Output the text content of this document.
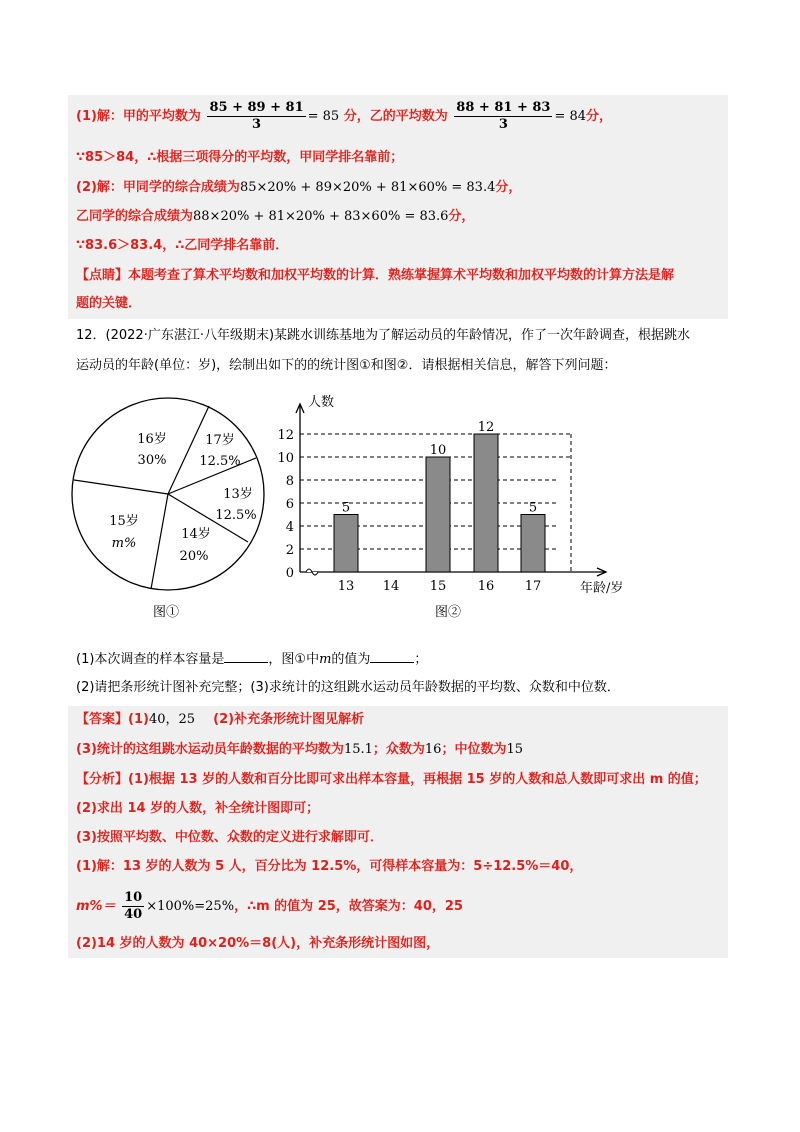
(1)解：甲的平均数为 $\frac{85 + 89 + 81}{3} = 85$ 分，乙的平均数为 $\frac{88 + 81 + 83}{3} = 84$分，
∵85＞84，∴根据三项得分的平均数，甲同学排名靠前；
(2)解：甲同学的综合成绩为85×20% + 89×20% + 81×60% = 83.4分，
乙同学的综合成绩为88×20% + 81×20% + 83×60% = 83.6分，
∵83.6＞83.4，∴乙同学排名靠前．
【点睛】本题考查了算术平均数和加权平均数的计算．熟练掌握算术平均数和加权平均数的计算方法是解
题的关键．
12．(2022·广东湛江·八年级期末)某跳水训练基地为了解运动员的年龄情况，作了一次年龄调查，根据跳水
运动员的年龄(单位：岁)，绘制出如下的的统计图①和图②．请根据相关信息，解答下列问题：
16岁
30%
17岁
12.5%
13岁
12.5%
14岁
20%
15岁
m%
图①
0
2
4
6
8
10
12
人数
年龄/岁
5
13 14
10
15
12
16
5
17
图②
(1)本次调查的样本容量是	，图①中m的值为	；
(2)请把条形统计图补充完整；(3)求统计的这组跳水运动员年龄数据的平均数、众数和中位数．
【答案】(1)40，25 (2)补充条形统计图见解析
(3)统计的这组跳水运动员年龄数据的平均数为15.1；众数为16；中位数为15
【分析】(1)根据 13 岁的人数和百分比即可求出样本容量，再根据 15 岁的人数和总人数即可求出 m 的值；
(2)求出 14 岁的人数，补全统计图即可；
(3)按照平均数、中位数、众数的定义进行求解即可．
(1)解：13 岁的人数为 5 人，百分比为 12.5%，可得样本容量为：5÷12.5%＝40，
$m\%= \frac{10}{40} \times 100\%=25\%$，∴m 的值为 25，故答案为：40，25
(2)14 岁的人数为 40×20%＝8(人)，补充条形统计图如图，
